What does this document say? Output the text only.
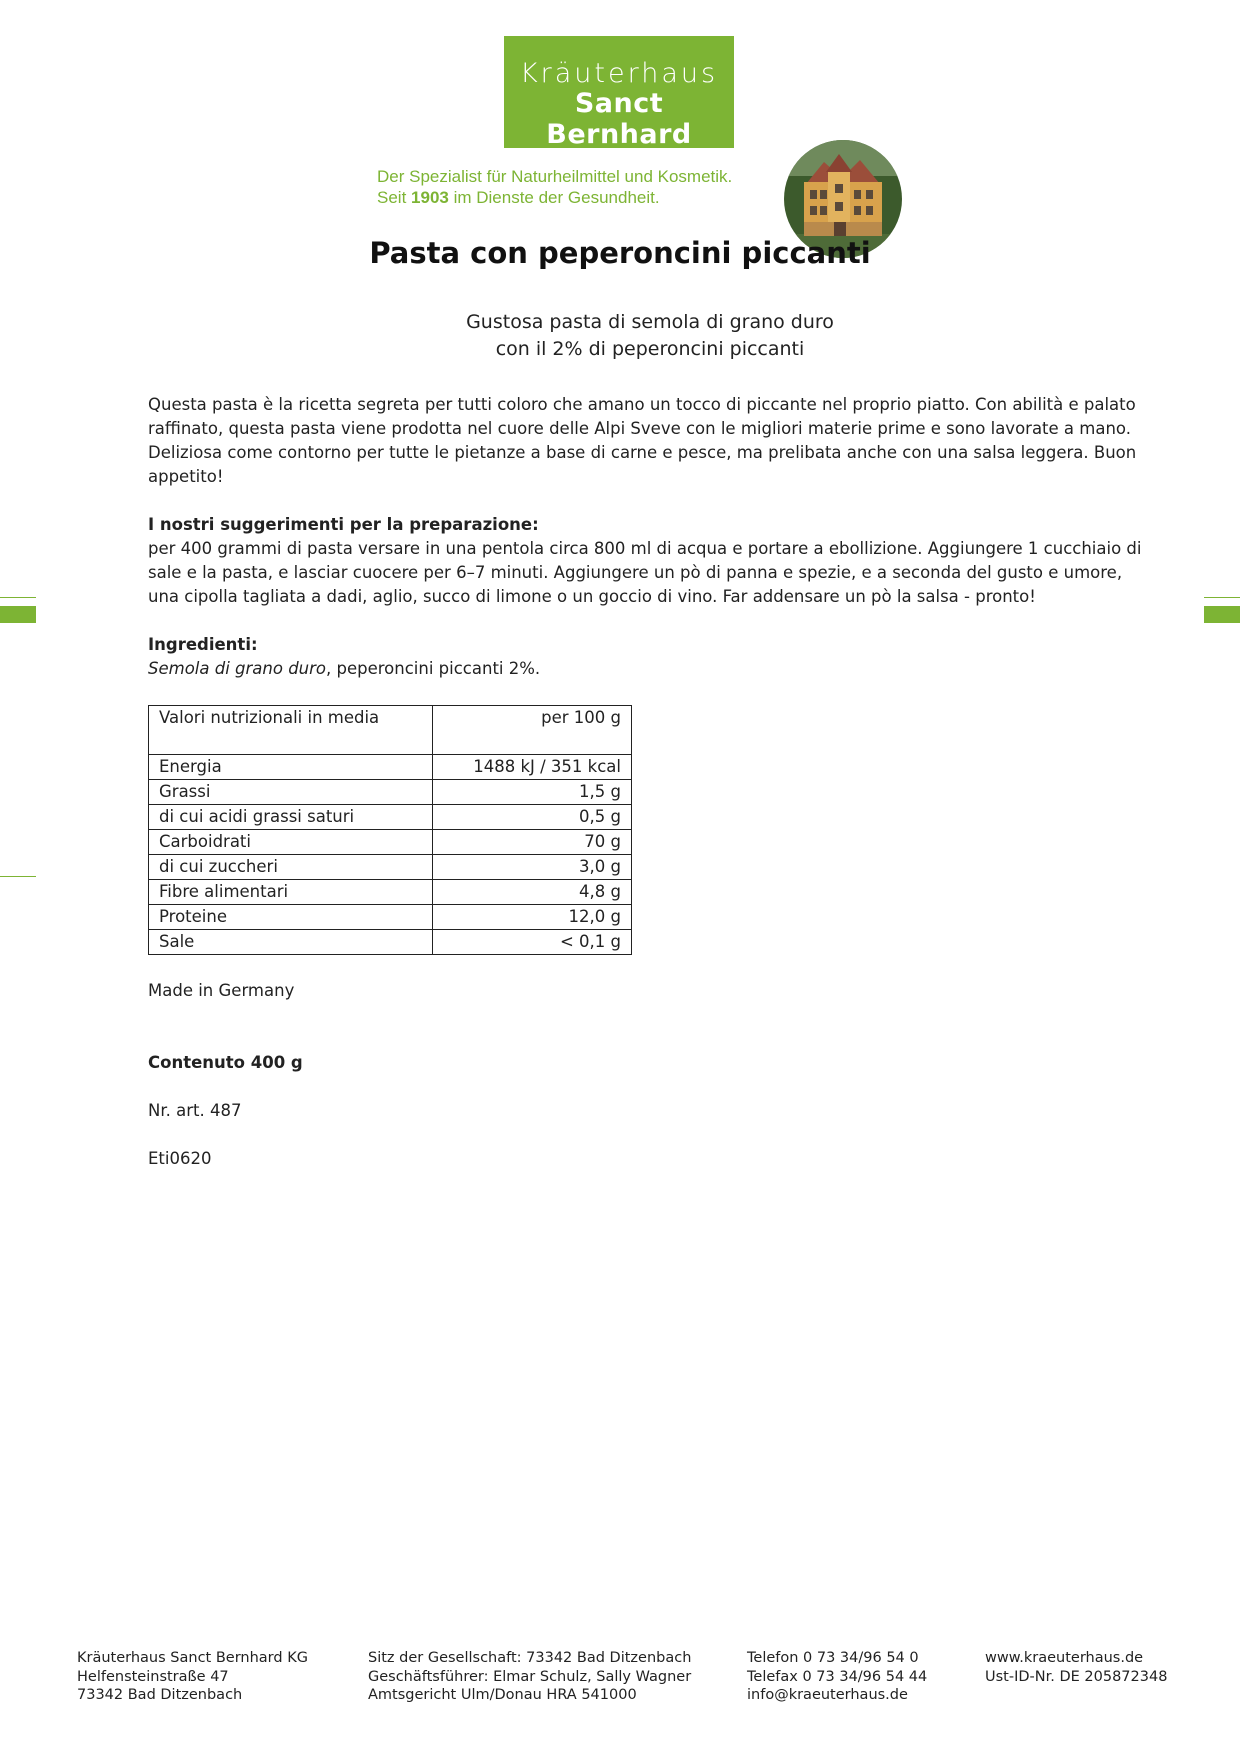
Kräuterhaus
Sanct Bernhard
Der Spezialist für Naturheilmittel und Kosmetik.
Seit 1903 im Dienste der Gesundheit.
Pasta con peperoncini piccanti
Gustosa pasta di semola di grano duro
con il 2% di peperoncini piccanti

Questa pasta è la ricetta segreta per tutti coloro che amano un tocco di piccante nel proprio piatto. Con abilità e palato raffinato, questa pasta viene prodotta nel cuore delle Alpi Sveve con le migliori materie prime e sono lavorate a mano. Deliziosa come contorno per tutte le pietanze a base di carne e pesce, ma prelibata anche con una salsa leggera. Buon appetito!

I nostri suggerimenti per la preparazione:

per 400 grammi di pasta versare in una pentola circa 800 ml di acqua e portare a ebollizione. Aggiungere 1 cucchiaio di sale e la pasta, e lasciar cuocere per 6–7 minuti. Aggiungere un pò di panna e spezie, e a seconda del gusto e umore, una cipolla tagliata a dadi, aglio, succo di limone o un goccio di vino. Far addensare un pò la salsa - pronto!

Ingredienti:

Semola di grano duro, peperoncini piccanti 2%.

Valori nutrizionali in media	per 100 g
Energia	1488 kJ / 351 kcal
Grassi	1,5 g
di cui acidi grassi saturi	0,5 g
Carboidrati	70 g
di cui zuccheri	3,0 g
Fibre alimentari	4,8 g
Proteine	12,0 g
Sale	< 0,1 g

Made in Germany

Contenuto 400 g

Nr. art. 487

Eti0620

Kräuterhaus Sanct Bernhard KG
Helfensteinstraße 47
73342 Bad Ditzenbach
Sitz der Gesellschaft: 73342 Bad Ditzenbach
Geschäftsführer: Elmar Schulz, Sally Wagner
Amtsgericht Ulm/Donau HRA 541000
Telefon 0 73 34/96 54 0
Telefax 0 73 34/96 54 44
info@kraeuterhaus.de
www.kraeuterhaus.de
Ust-ID-Nr. DE 205872348
